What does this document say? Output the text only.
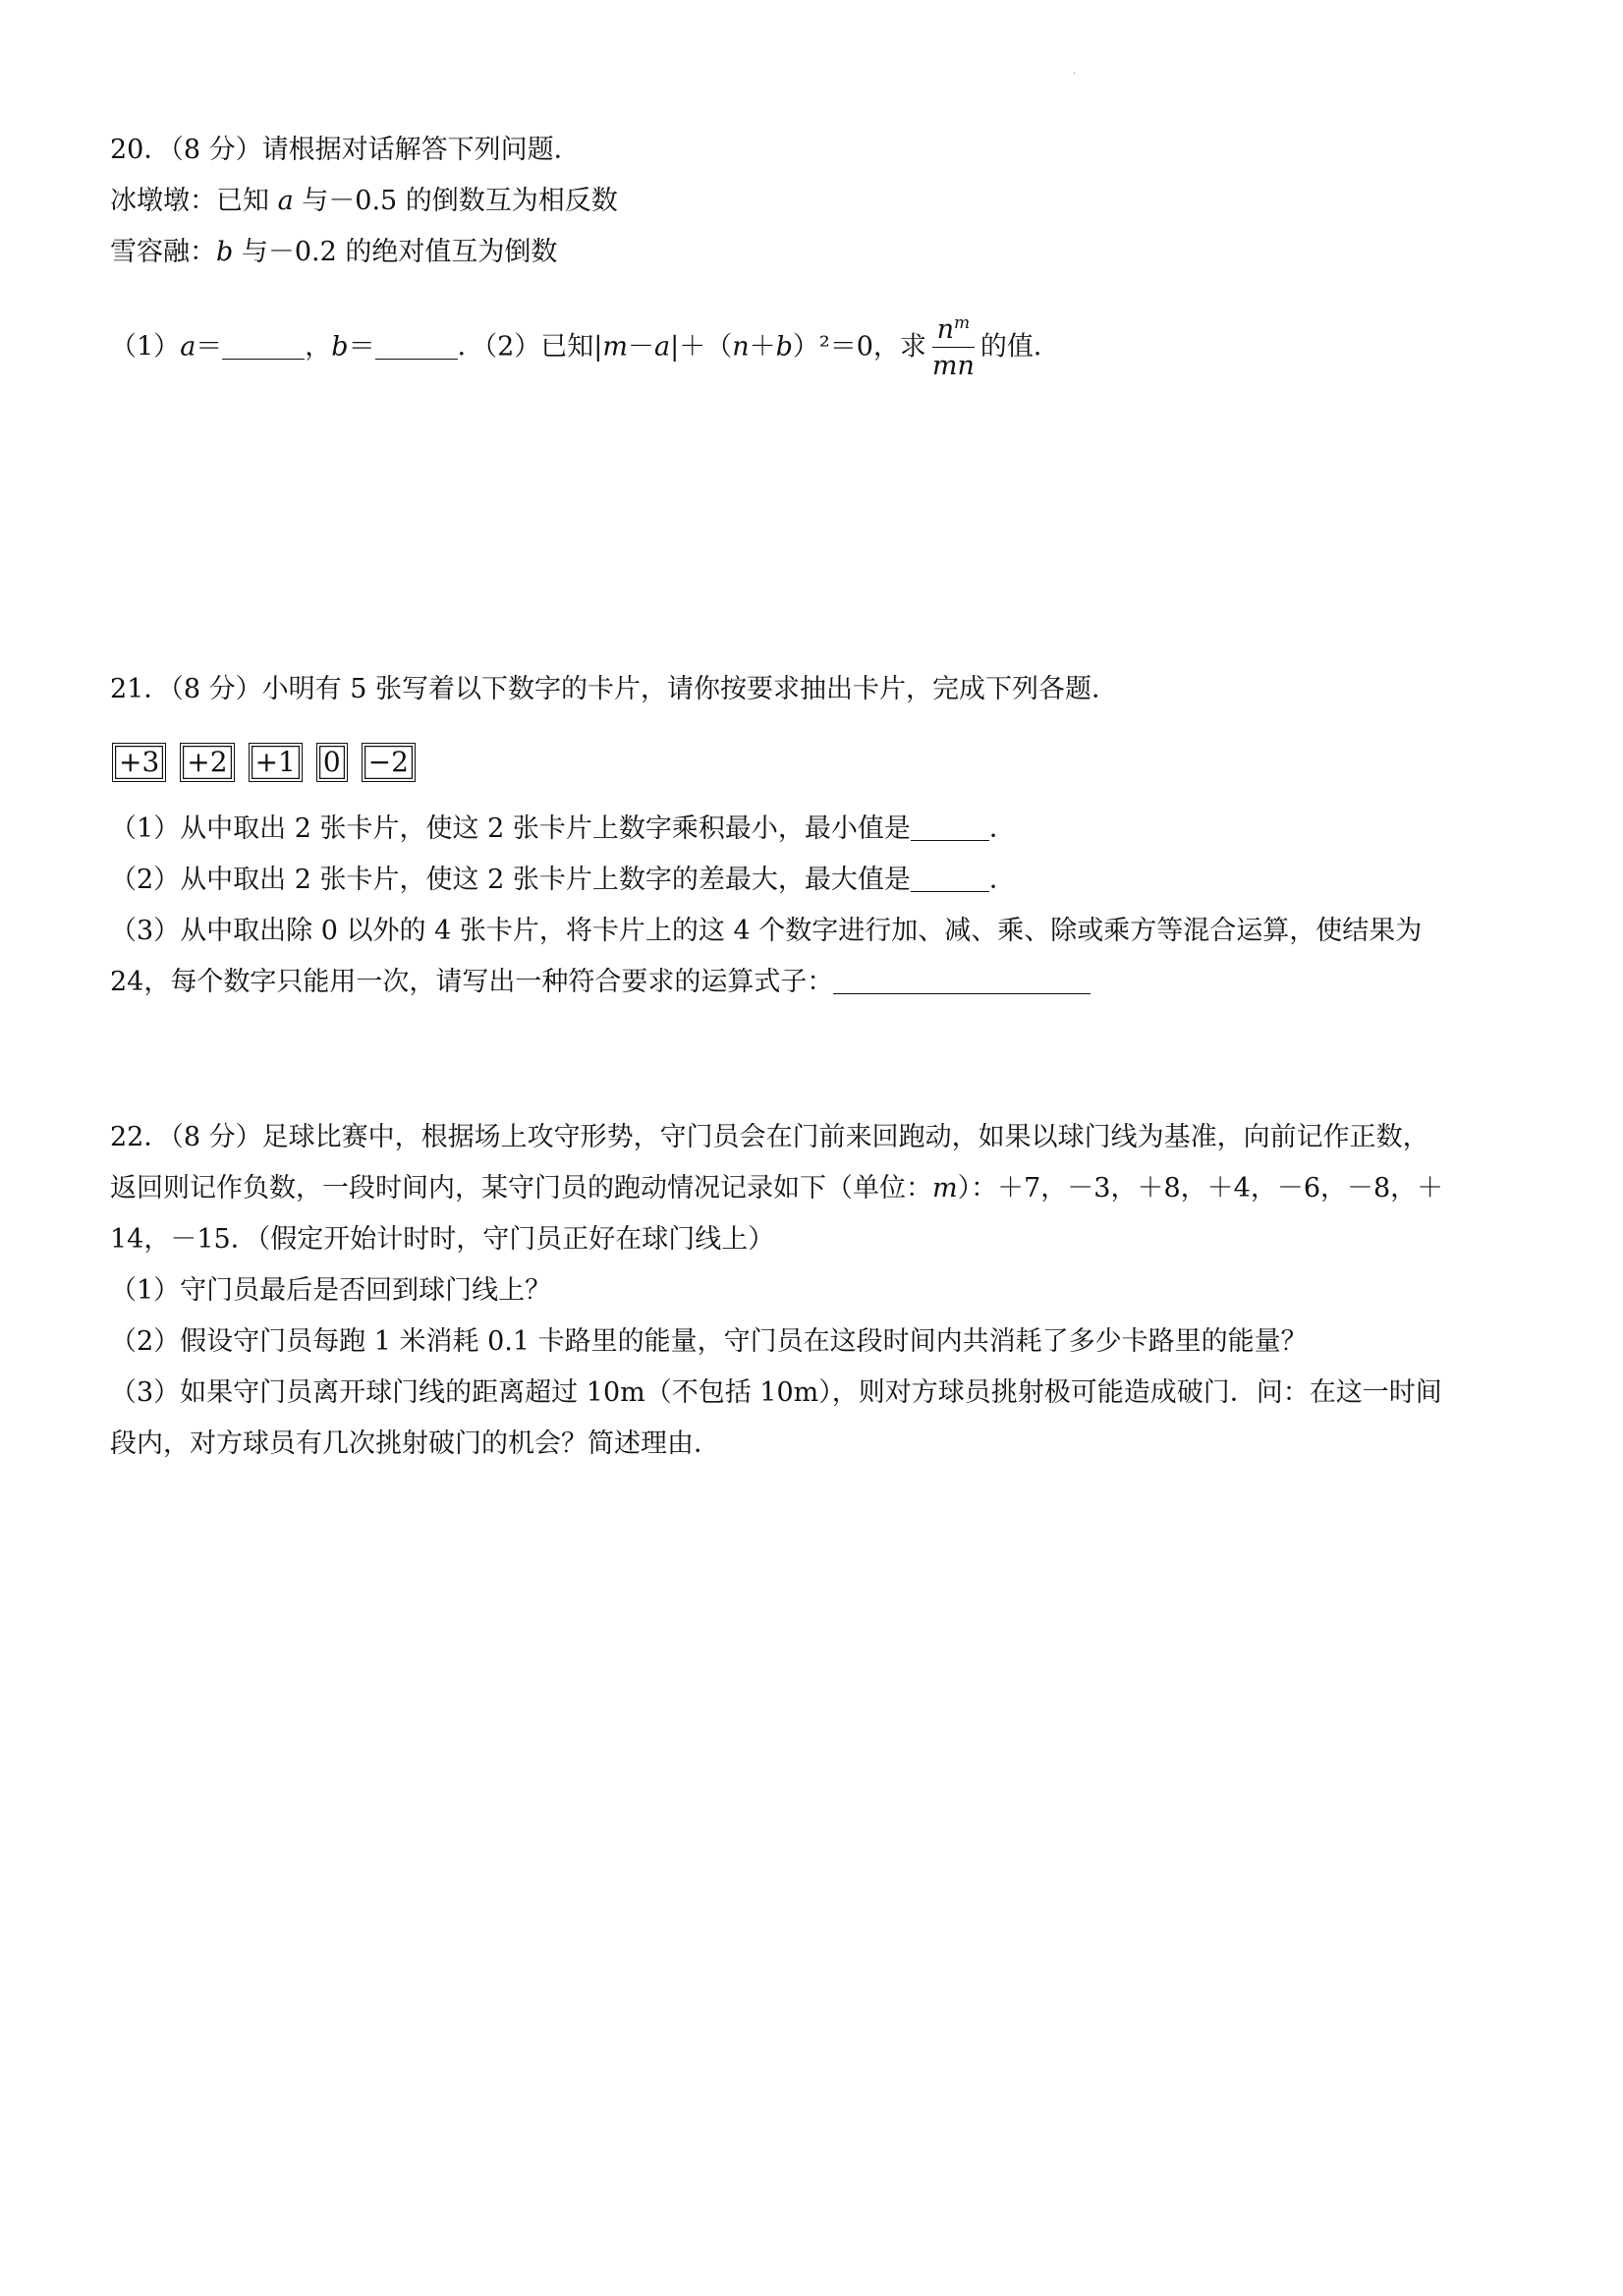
·
20．（8 分）请根据对话解答下列问题．
冰墩墩：已知 a 与－0.5 的倒数互为相反数
雪容融：b 与－0.2 的绝对值互为倒数
（1）a＝	，b＝	．（2）已知|m－a|＋（n＋b）²＝0，求 $\frac{n^m}{mn}$ 的值．
21．（8 分）小明有 5 张写着以下数字的卡片，请你按要求抽出卡片，完成下列各题．
+3 +2 +1 0 −2
（1）从中取出 2 张卡片，使这 2 张卡片上数字乘积最小，最小值是	．
（2）从中取出 2 张卡片，使这 2 张卡片上数字的差最大，最大值是	．
（3）从中取出除 0 以外的 4 张卡片，将卡片上的这 4 个数字进行加、减、乘、除或乘方等混合运算，使结果为
24，每个数字只能用一次，请写出一种符合要求的运算式子：
22．（8 分）足球比赛中，根据场上攻守形势，守门员会在门前来回跑动，如果以球门线为基准，向前记作正数，
返回则记作负数，一段时间内，某守门员的跑动情况记录如下（单位：m）：＋7，－3，＋8，＋4，－6，－8，＋
14，－15．（假定开始计时时，守门员正好在球门线上）
（1）守门员最后是否回到球门线上？
（2）假设守门员每跑 1 米消耗 0.1 卡路里的能量，守门员在这段时间内共消耗了多少卡路里的能量？
（3）如果守门员离开球门线的距离超过 10m（不包括 10m），则对方球员挑射极可能造成破门．问：在这一时间
段内，对方球员有几次挑射破门的机会？简述理由．
